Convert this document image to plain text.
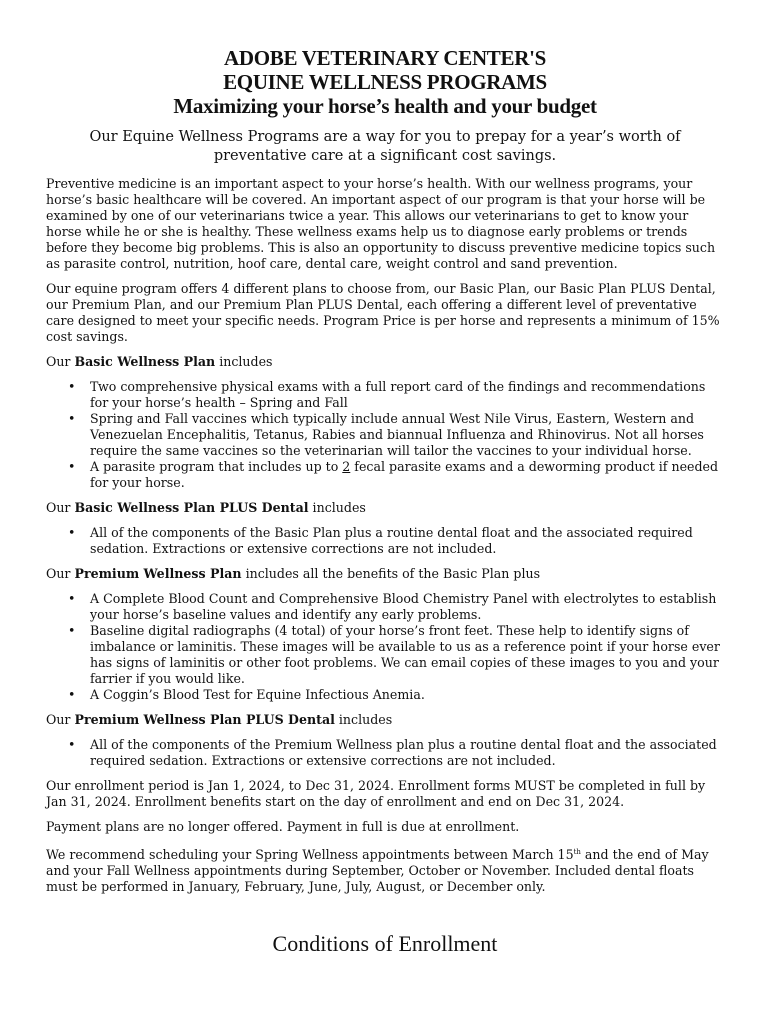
ADOBE VETERINARY CENTER'S
EQUINE WELLNESS PROGRAMS
Maximizing your horse’s health and your budget
Our Equine Wellness Programs are a way for you to prepay for a year’s worth of preventative care at a significant cost savings.

Preventive medicine is an important aspect to your horse’s health. With our wellness programs, your horse’s basic healthcare will be covered. An important aspect of our program is that your horse will be examined by one of our veterinarians twice a year. This allows our veterinarians to get to know your horse while he or she is healthy. These wellness exams help us to diagnose early problems or trends before they become big problems. This is also an opportunity to discuss preventive medicine topics such as parasite control, nutrition, hoof care, dental care, weight control and sand prevention.

Our equine program offers 4 different plans to choose from, our Basic Plan, our Basic Plan PLUS Dental, our Premium Plan, and our Premium Plan PLUS Dental, each offering a different level of preventative care designed to meet your specific needs. Program Price is per horse and represents a minimum of 15% cost savings.

Our Basic Wellness Plan includes
• Two comprehensive physical exams with a full report card of the findings and recommendations for your horse’s health – Spring and Fall
• Spring and Fall vaccines which typically include annual West Nile Virus, Eastern, Western and Venezuelan Encephalitis, Tetanus, Rabies and biannual Influenza and Rhinovirus. Not all horses require the same vaccines so the veterinarian will tailor the vaccines to your individual horse.
• A parasite program that includes up to 2 fecal parasite exams and a deworming product if needed for your horse.
Our Basic Wellness Plan PLUS Dental includes
• All of the components of the Basic Plan plus a routine dental float and the associated required sedation. Extractions or extensive corrections are not included.
Our Premium Wellness Plan includes all the benefits of the Basic Plan plus
• A Complete Blood Count and Comprehensive Blood Chemistry Panel with electrolytes to establish your horse’s baseline values and identify any early problems.
• Baseline digital radiographs (4 total) of your horse’s front feet. These help to identify signs of imbalance or laminitis. These images will be available to us as a reference point if your horse ever has signs of laminitis or other foot problems. We can email copies of these images to you and your farrier if you would like.
• A Coggin’s Blood Test for Equine Infectious Anemia.
Our Premium Wellness Plan PLUS Dental includes
• All of the components of the Premium Wellness plan plus a routine dental float and the associated required sedation. Extractions or extensive corrections are not included.

Our enrollment period is Jan 1, 2024, to Dec 31, 2024. Enrollment forms MUST be completed in full by Jan 31, 2024. Enrollment benefits start on the day of enrollment and end on Dec 31, 2024.

Payment plans are no longer offered. Payment in full is due at enrollment.

We recommend scheduling your Spring Wellness appointments between March 15th and the end of May and your Fall Wellness appointments during September, October or November. Included dental floats must be performed in January, February, June, July, August, or December only.

Conditions of Enrollment
